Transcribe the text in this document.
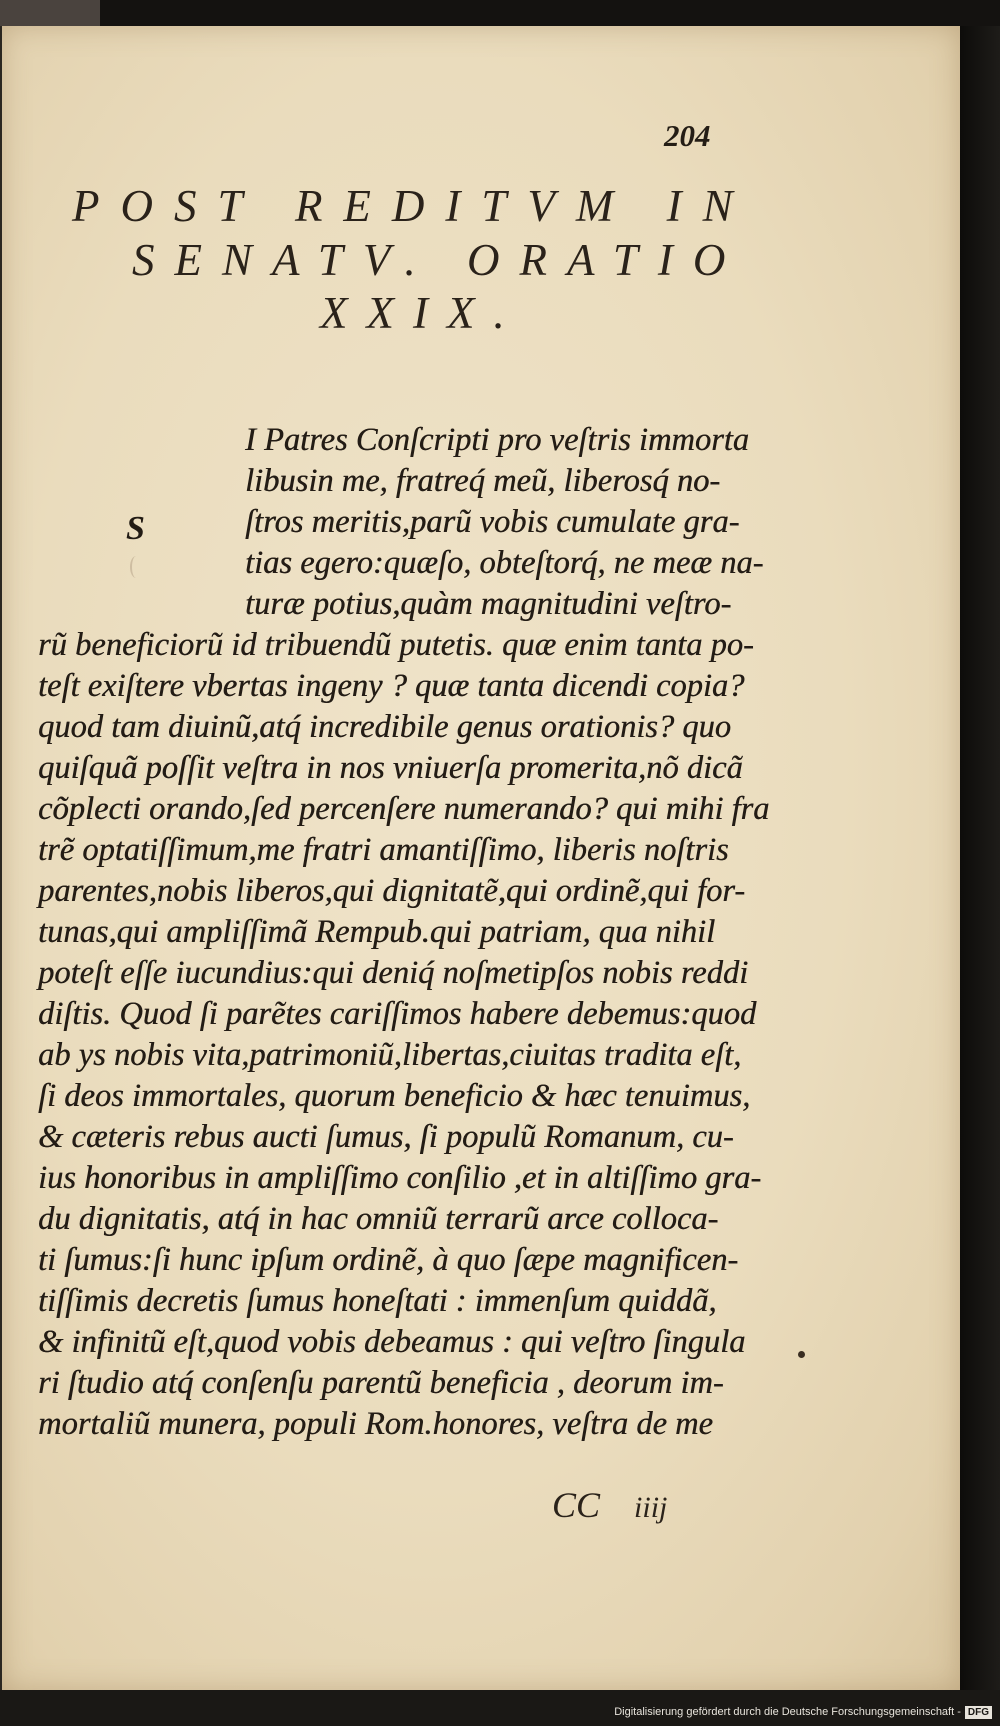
204
POST REDITVM IN
SENATV. ORATIO
XXIX.
S
I Patres Conſcripti pro veſtris immorta
libusin me, fratreq́ meũ, liberosq́ no-
ſtros meritis,parũ vobis cumulate gra-
tias egero:quæſo, obteſtorq́, ne meæ na-
turæ potius,quàm magnitudini veſtro-
rũ beneficiorũ id tribuendũ putetis. quæ enim tanta po-
teſt exiſtere vbertas ingeny ? quæ tanta dicendi copia?
quod tam diuinũ,atq́ incredibile genus orationis? quo
quiſquã poſſit veſtra in nos vniuerſa promerita,nõ dicã
cõplecti orando,ſed percenſere numerando? qui mihi fra
trẽ optatiſſimum,me fratri amantiſſimo, liberis noſtris
parentes,nobis liberos,qui dignitatẽ,qui ordinẽ,qui for-
tunas,qui ampliſſimã Rempub.qui patriam, qua nihil
poteſt eſſe iucundius:qui deniq́ noſmetipſos nobis reddi
diſtis. Quod ſi parẽtes cariſſimos habere debemus:quod
ab ys nobis vita,patrimoniũ,libertas,ciuitas tradita eſt,
ſi deos immortales, quorum beneficio & hæc tenuimus,
& cæteris rebus aucti ſumus, ſi populũ Romanum, cu-
ius honoribus in ampliſſimo conſilio ,et in altiſſimo gra-
du dignitatis, atq́ in hac omniũ terrarũ arce colloca-
ti ſumus:ſi hunc ipſum ordinẽ, à quo ſæpe magnificen-
tiſſimis decretis ſumus honeſtati : immenſum quiddã,
& infinitũ eſt,quod vobis debeamus : qui veſtro ſingula
ri ſtudio atq́ conſenſu parentũ beneficia , deorum im-
mortaliũ munera, populi Rom.honores, veſtra de me
CC iiij
Digitalisierung gefördert durch die Deutsche Forschungsgemeinschaft - DFG
